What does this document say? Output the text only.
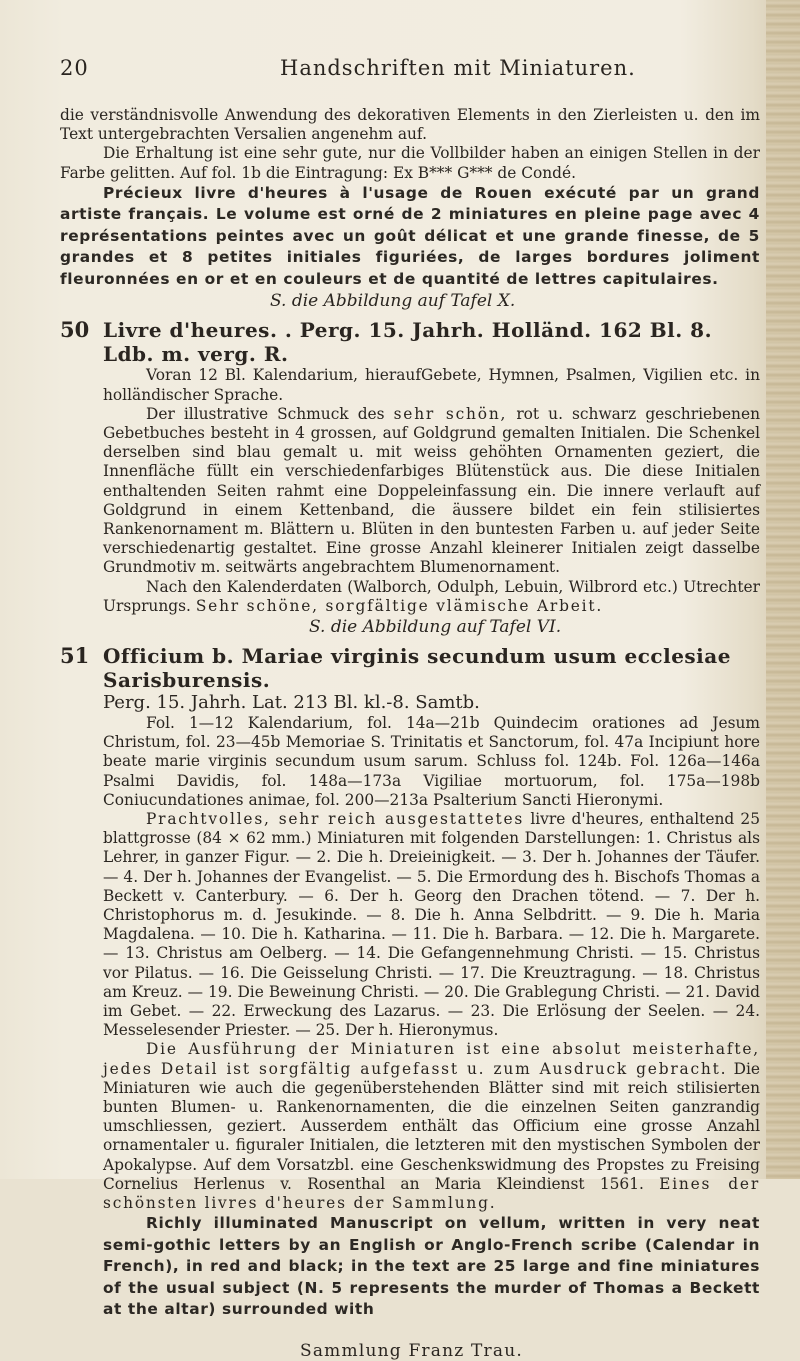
20	Handschriften mit Miniaturen.

die verständnisvolle Anwendung des dekorativen Elements in den Zierleisten u. den im Text untergebrachten Versalien angenehm auf.

Die Erhaltung ist eine sehr gute, nur die Vollbilder haben an einigen Stellen in der Farbe gelitten. Auf fol. 1b die Eintragung: Ex B*** G*** de Condé.

Précieux livre d'heures à l'usage de Rouen exécuté par un grand artiste français. Le volume est orné de 2 miniatures en pleine page avec 4 représentations peintes avec un goût délicat et une grande finesse, de 5 grandes et 8 petites initiales figuriées, de larges bordures joliment fleuronnées en or et en couleurs et de quantité de lettres capitulaires.

S. die Abbildung auf Tafel X.

50 Livre d'heures. . Perg. 15. Jahrh. Holländ. 162 Bl. 8. Ldb. m. verg. R.

Voran 12 Bl. Kalendarium, hieraufGebete, Hymnen, Psalmen, Vigilien etc. in holländischer Sprache.

Der illustrative Schmuck des sehr schön, rot u. schwarz geschriebenen Gebetbuches besteht in 4 grossen, auf Goldgrund gemalten Initialen. Die Schenkel derselben sind blau gemalt u. mit weiss gehöhten Ornamenten geziert, die Innenfläche füllt ein verschiedenfarbiges Blütenstück aus. Die diese Initialen enthaltenden Seiten rahmt eine Doppeleinfassung ein. Die innere verlauft auf Goldgrund in einem Kettenband, die äussere bildet ein fein stilisiertes Rankenornament m. Blättern u. Blüten in den buntesten Farben u. auf jeder Seite verschiedenartig gestaltet. Eine grosse Anzahl kleinerer Initialen zeigt dasselbe Grundmotiv m. seitwärts angebrachtem Blumenornament.

Nach den Kalenderdaten (Walborch, Odulph, Lebuin, Wilbrord etc.) Utrechter Ursprungs. Sehr schöne, sorgfältige vlämische Arbeit.

S. die Abbildung auf Tafel VI.

51 Officium b. Mariae virginis secundum usum ecclesiae Sarisburensis.

Perg. 15. Jahrh. Lat. 213 Bl. kl.-8. Samtb.

Fol. 1—12 Kalendarium, fol. 14a—21b Quindecim orationes ad Jesum Christum, fol. 23—45b Memoriae S. Trinitatis et Sanctorum, fol. 47a Incipiunt hore beate marie virginis secundum usum sarum. Schluss fol. 124b. Fol. 126a—146a Psalmi Davidis, fol. 148a—173a Vigiliae mortuorum, fol. 175a—198b Coniucundationes animae, fol. 200—213a Psalterium Sancti Hieronymi.

Prachtvolles, sehr reich ausgestattetes livre d'heures, enthaltend 25 blattgrosse (84 × 62 mm.) Miniaturen mit folgenden Darstellungen: 1. Christus als Lehrer, in ganzer Figur. — 2. Die h. Dreieinigkeit. — 3. Der h. Johannes der Täufer. — 4. Der h. Johannes der Evangelist. — 5. Die Ermordung des h. Bischofs Thomas a Beckett v. Canterbury. — 6. Der h. Georg den Drachen tötend. — 7. Der h. Christophorus m. d. Jesukinde. — 8. Die h. Anna Selbdritt. — 9. Die h. Maria Magdalena. — 10. Die h. Katharina. — 11. Die h. Barbara. — 12. Die h. Margarete. — 13. Christus am Oelberg. — 14. Die Gefangennehmung Christi. — 15. Christus vor Pilatus. — 16. Die Geisselung Christi. — 17. Die Kreuztragung. — 18. Christus am Kreuz. — 19. Die Beweinung Christi. — 20. Die Grablegung Christi. — 21. David im Gebet. — 22. Erweckung des Lazarus. — 23. Die Erlösung der Seelen. — 24. Messelesender Priester. — 25. Der h. Hieronymus.

Die Ausführung der Miniaturen ist eine absolut meisterhafte, jedes Detail ist sorgfältig aufgefasst u. zum Ausdruck gebracht. Die Miniaturen wie auch die gegenüberstehenden Blätter sind mit reich stilisierten bunten Blumen- u. Rankenornamenten, die die einzelnen Seiten ganzrandig umschliessen, geziert. Ausserdem enthält das Officium eine grosse Anzahl ornamentaler u. figuraler Initialen, die letzteren mit den mystischen Symbolen der Apokalypse. Auf dem Vorsatzbl. eine Geschenkswidmung des Propstes zu Freising Cornelius Herlenus v. Rosenthal an Maria Kleindienst 1561. Eines der schönsten livres d'heures der Sammlung.

Richly illuminated Manuscript on vellum, written in very neat semi-gothic letters by an English or Anglo-French scribe (Calendar in French), in red and black; in the text are 25 large and fine miniatures of the usual subject (N. 5 represents the murder of Thomas a Beckett at the altar) surrounded with

Sammlung Franz Trau.
